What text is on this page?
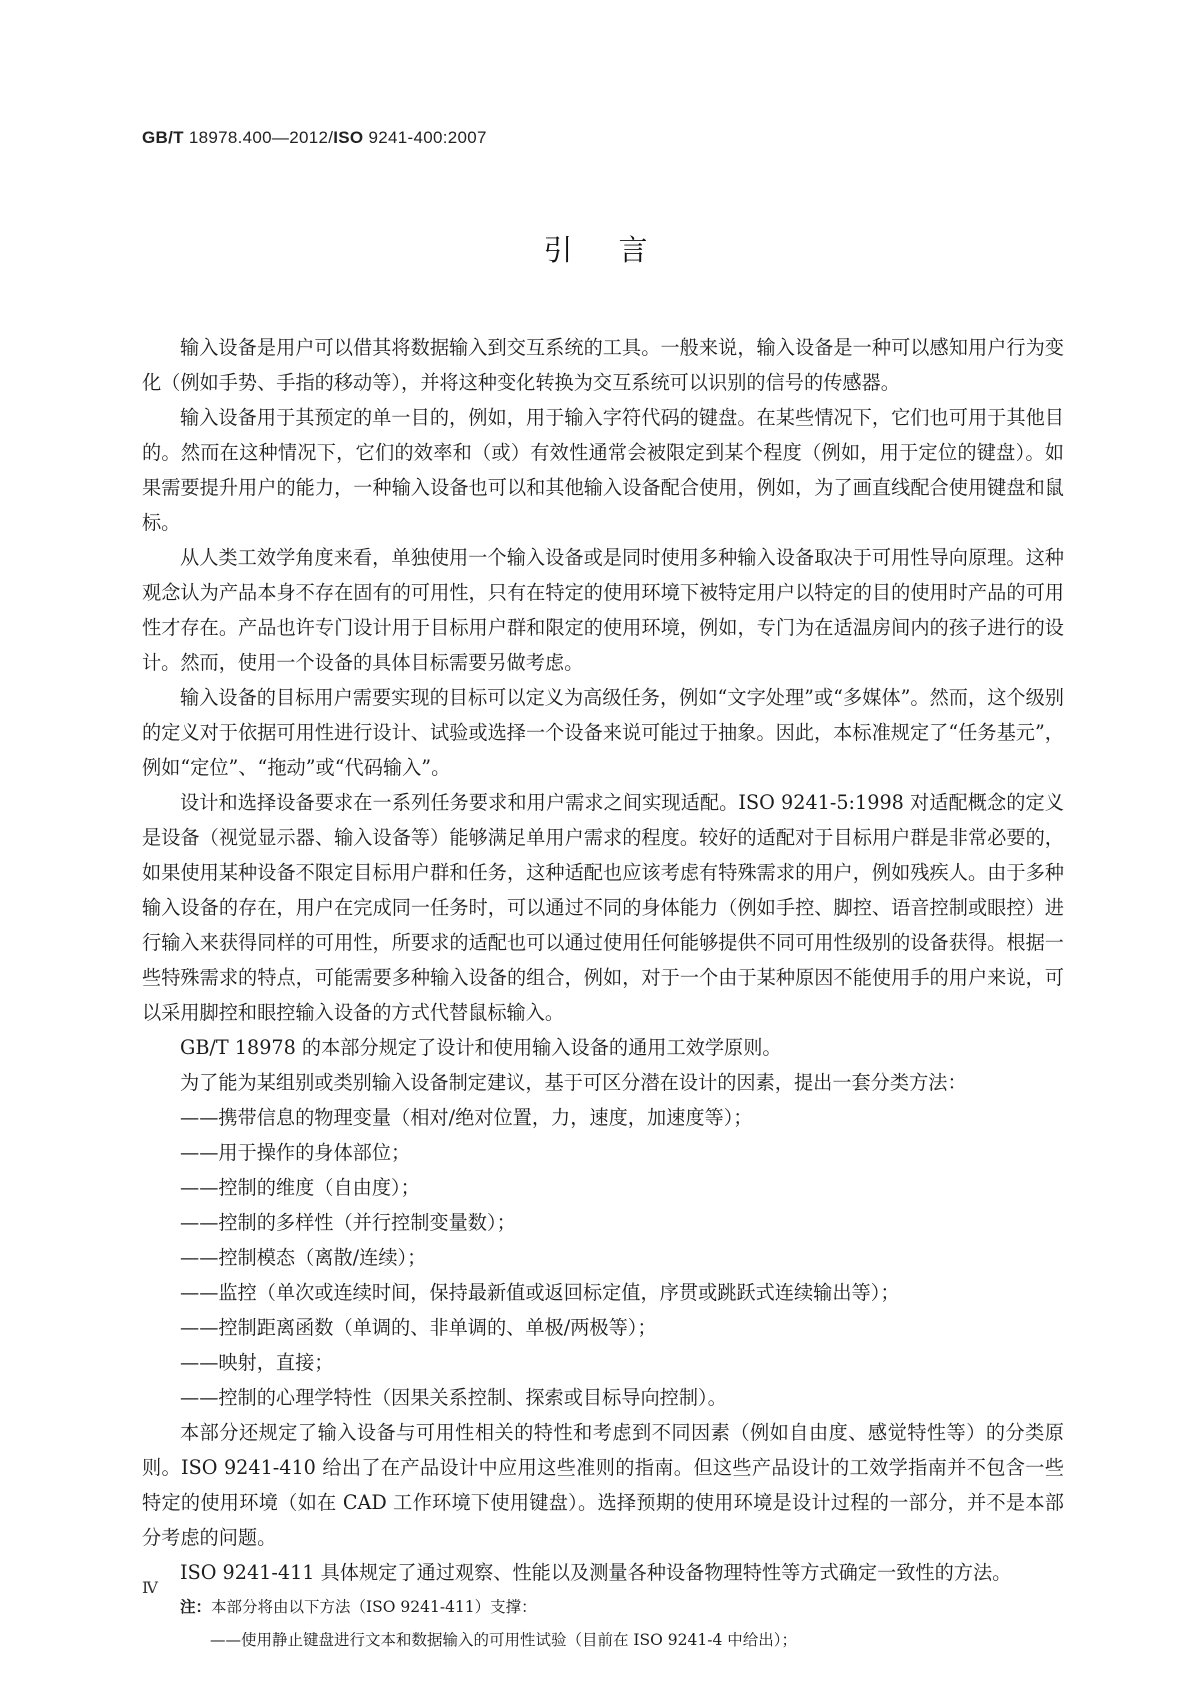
GB/T 18978.400—2012/ISO 9241-400:2007
引言

输入设备是用户可以借其将数据输入到交互系统的工具。一般来说，输入设备是一种可以感知用户行为变化（例如手势、手指的移动等），并将这种变化转换为交互系统可以识别的信号的传感器。

输入设备用于其预定的单一目的，例如，用于输入字符代码的键盘。在某些情况下，它们也可用于其他目的。然而在这种情况下，它们的效率和（或）有效性通常会被限定到某个程度（例如，用于定位的键盘）。如果需要提升用户的能力，一种输入设备也可以和其他输入设备配合使用，例如，为了画直线配合使用键盘和鼠标。

从人类工效学角度来看，单独使用一个输入设备或是同时使用多种输入设备取决于可用性导向原理。这种观念认为产品本身不存在固有的可用性，只有在特定的使用环境下被特定用户以特定的目的使用时产品的可用性才存在。产品也许专门设计用于目标用户群和限定的使用环境，例如，专门为在适温房间内的孩子进行的设计。然而，使用一个设备的具体目标需要另做考虑。

输入设备的目标用户需要实现的目标可以定义为高级任务，例如“文字处理”或“多媒体”。然而，这个级别的定义对于依据可用性进行设计、试验或选择一个设备来说可能过于抽象。因此，本标准规定了“任务基元”，例如“定位”、“拖动”或“代码输入”。

设计和选择设备要求在一系列任务要求和用户需求之间实现适配。ISO 9241-5:1998 对适配概念的定义是设备（视觉显示器、输入设备等）能够满足单用户需求的程度。较好的适配对于目标用户群是非常必要的，如果使用某种设备不限定目标用户群和任务，这种适配也应该考虑有特殊需求的用户，例如残疾人。由于多种输入设备的存在，用户在完成同一任务时，可以通过不同的身体能力（例如手控、脚控、语音控制或眼控）进行输入来获得同样的可用性，所要求的适配也可以通过使用任何能够提供不同可用性级别的设备获得。根据一些特殊需求的特点，可能需要多种输入设备的组合，例如，对于一个由于某种原因不能使用手的用户来说，可以采用脚控和眼控输入设备的方式代替鼠标输入。

GB/T 18978 的本部分规定了设计和使用输入设备的通用工效学原则。

为了能为某组别或类别输入设备制定建议，基于可区分潜在设计的因素，提出一套分类方法：

——携带信息的物理变量（相对/绝对位置，力，速度，加速度等）；

——用于操作的身体部位；

——控制的维度（自由度）；

——控制的多样性（并行控制变量数）；

——控制模态（离散/连续）；

——监控（单次或连续时间，保持最新值或返回标定值，序贯或跳跃式连续输出等）；

——控制距离函数（单调的、非单调的、单极/两极等）；

——映射，直接；

——控制的心理学特性（因果关系控制、探索或目标导向控制）。

本部分还规定了输入设备与可用性相关的特性和考虑到不同因素（例如自由度、感觉特性等）的分类原则。ISO 9241-410 给出了在产品设计中应用这些准则的指南。但这些产品设计的工效学指南并不包含一些特定的使用环境（如在 CAD 工作环境下使用键盘）。选择预期的使用环境是设计过程的一部分，并不是本部分考虑的问题。

ISO 9241-411 具体规定了通过观察、性能以及测量各种设备物理特性等方式确定一致性的方法。

注：本部分将由以下方法（ISO 9241-411）支撑：
——使用静止键盘进行文本和数据输入的可用性试验（目前在 ISO 9241-4 中给出）；
Ⅳ
